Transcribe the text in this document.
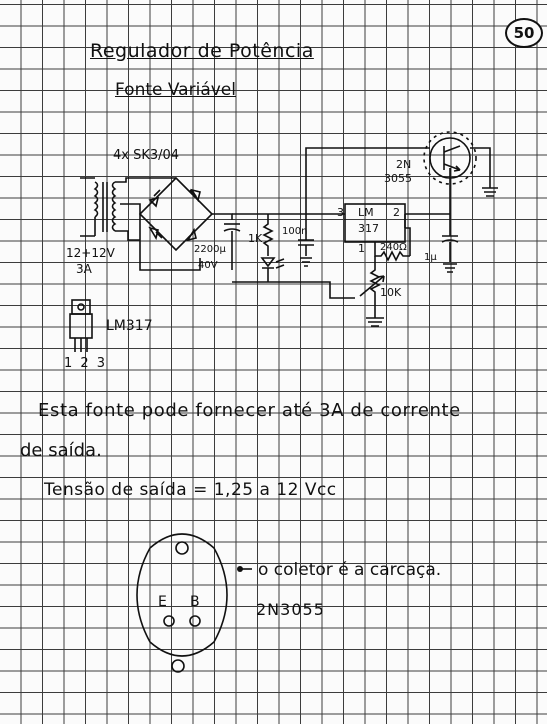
50
Regulador de Potência
Fonte Variável
4x SK3/04
12+12V
3A
2200µ
40V
1K
100n
2N
3055
3 LM 2
317
1 240Ω
1µ
10K
LM317
1 2 3
Esta fonte pode fornecer até 3A de corrente
de saída.
Tensão de saída = 1,25 a 12 Vcc
E B
o coletor é a carcaça.
2N3055
